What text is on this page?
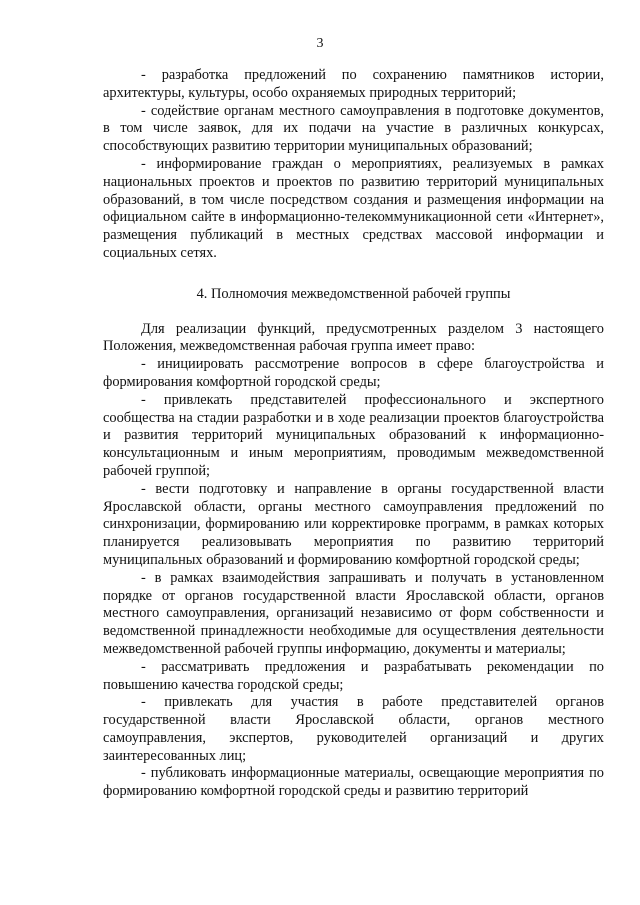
3

- разработка предложений по сохранению памятников истории, архитектуры, культуры, особо охраняемых природных территорий;

- содействие органам местного самоуправления в подготовке документов, в том числе заявок, для их подачи на участие в различных конкурсах, способствующих развитию территории муниципальных образований;

- информирование граждан о мероприятиях, реализуемых в рамках национальных проектов и проектов по развитию территорий муниципальных образований, в том числе посредством создания и размещения информации на официальном сайте в информационно-телекоммуникационной сети «Интернет», размещения публикаций в местных средствах массовой информации и социальных сетях.

4. Полномочия межведомственной рабочей группы

Для реализации функций, предусмотренных разделом 3 настоящего Положения, межведомственная рабочая группа имеет право:

- инициировать рассмотрение вопросов в сфере благоустройства и формирования комфортной городской среды;

- привлекать представителей профессионального и экспертного сообщества на стадии разработки и в ходе реализации проектов благоустройства и развития территорий муниципальных образований к информационно-консультационным и иным мероприятиям, проводимым межведомственной рабочей группой;

- вести подготовку и направление в органы государственной власти Ярославской области, органы местного самоуправления предложений по синхронизации, формированию или корректировке программ, в рамках которых планируется реализовывать мероприятия по развитию территорий муниципальных образований и формированию комфортной городской среды;

- в рамках взаимодействия запрашивать и получать в установленном порядке от органов государственной власти Ярославской области, органов местного самоуправления, организаций независимо от форм собственности и ведомственной принадлежности необходимые для осуществления деятельности межведомственной рабочей группы информацию, документы и материалы;

- рассматривать предложения и разрабатывать рекомендации по повышению качества городской среды;

- привлекать для участия в работе представителей органов государственной власти Ярославской области, органов местного самоуправления, экспертов, руководителей организаций и других заинтересованных лиц;

- публиковать информационные материалы, освещающие мероприятия по формированию комфортной городской среды и развитию территорий
